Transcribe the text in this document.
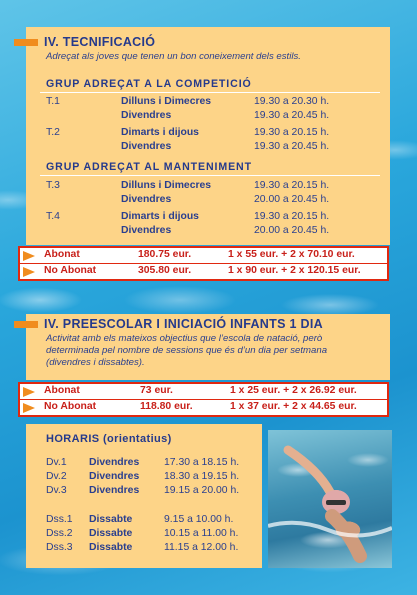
IV. TECNIFICACIÓ
Adreçat als joves que tenen un bon coneixement dels estils.
GRUP ADREÇAT A LA COMPETICIÓ
T.1	Dilluns i Dimecres	19.30 a 20.30 h.
Divendres	19.30 a 20.45 h.
T.2	Dimarts i dijous	19.30 a 20.15 h.
Divendres	19.30 a 20.45 h.
GRUP ADREÇAT AL MANTENIMENT
T.3	Dilluns i Dimecres	19.30 a 20.15 h.
Divendres	20.00 a 20.45 h.
T.4	Dimarts i dijous	19.30 a 20.15 h.
Divendres	20.00 a 20.45 h.
Abonat	180.75 eur.	1 x 55 eur. + 2 x 70.10 eur.
No Abonat	305.80 eur.	1 x 90 eur. + 2 x 120.15 eur.
IV. PREESCOLAR I INICIACIÓ INFANTS 1 DIA
Activitat amb els mateixos objectius que l’escola de natació, però determinada pel nombre de sessions que és d’un dia per setmana (divendres i dissabtes).
Abonat	73 eur.	1 x 25 eur. + 2 x 26.92 eur.
No Abonat	118.80 eur.	1 x 37 eur. + 2 x 44.65 eur.
HORARIS (orientatius)
Dv.1 Divendres 17.30 a 18.15 h.
Dv.2 Divendres 18.30 a 19.15 h.
Dv.3 Divendres 19.15 a 20.00 h.
Dss.1 Dissabte	9.15 a 10.00 h.
Dss.2 Dissabte	10.15 a 11.00 h.
Dss.3 Dissabte	11.15 a 12.00 h.
